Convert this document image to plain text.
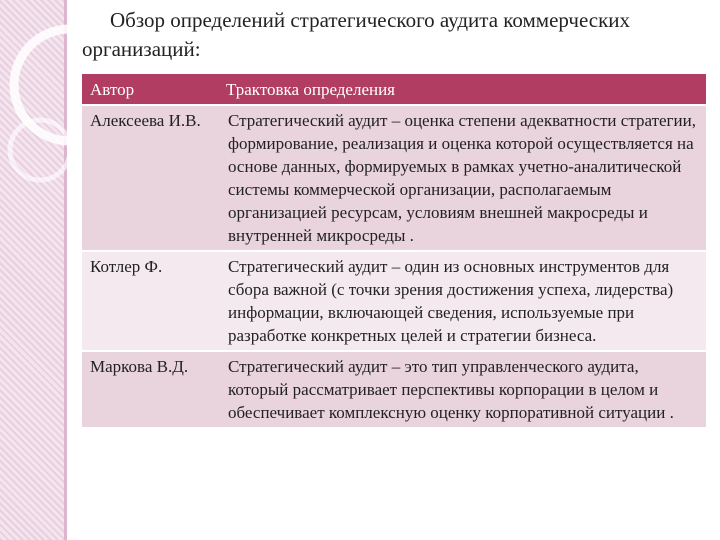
Обзор определений стратегического аудита коммерческих организаций:
Автор	Трактовка определения
Алексеева И.В.	Стратегический аудит – оценка степени адекватности стратегии, формирование, реализация и оценка которой осуществляется на основе данных, формируемых в рамках учетно-аналитической системы коммерческой организации, располагаемым организацией ресурсам, условиям внешней макросреды и внутренней микросреды .
Котлер Ф.	Стратегический аудит – один из основных инструментов для сбора важной (с точки зрения достижения успеха, лидерства) информации, включающей сведения, используемые при разработке конкретных целей и стратегии бизнеса.
Маркова В.Д.	Стратегический аудит – это тип управленческого аудита, который рассматривает перспективы корпорации в целом и обеспечивает комплексную оценку корпоративной ситуации .
